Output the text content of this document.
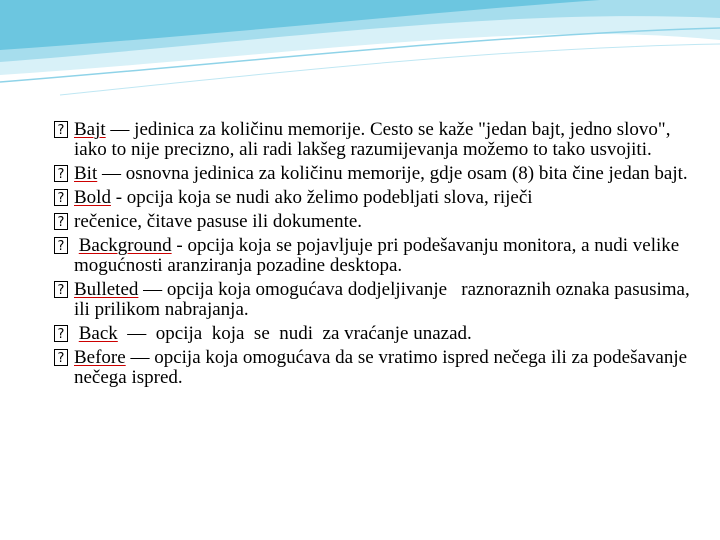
?
Bajt — jedinica za količinu memorije. Cesto se kaže "jedan bajt, jedno slovo", iako to nije precizno, ali radi lakšeg razumijevanja možemo to tako usvojiti.
?
Bit — osnovna jedinica za količinu memorije, gdje osam (8) bita čine jedan bajt.
?
Bold - opcija koja se nudi ako želimo podebljati slova, riječi
?
rečenice, čitave pasuse ili dokumente.
?
Background - opcija koja se pojavljuje pri podešavanju monitora, a nudi velike mogućnosti aranziranja pozadine desktopa.
?
Bulleted — opcija koja omogućava dodjeljivanje   raznoraznih oznaka pasusima, ili prilikom nabrajanja.
?
Back  —  opcija  koja  se  nudi  za vraćanje unazad.
?
Before — opcija koja omogućava da se vratimo ispred nečega ili za podešavanje nečega ispred.
